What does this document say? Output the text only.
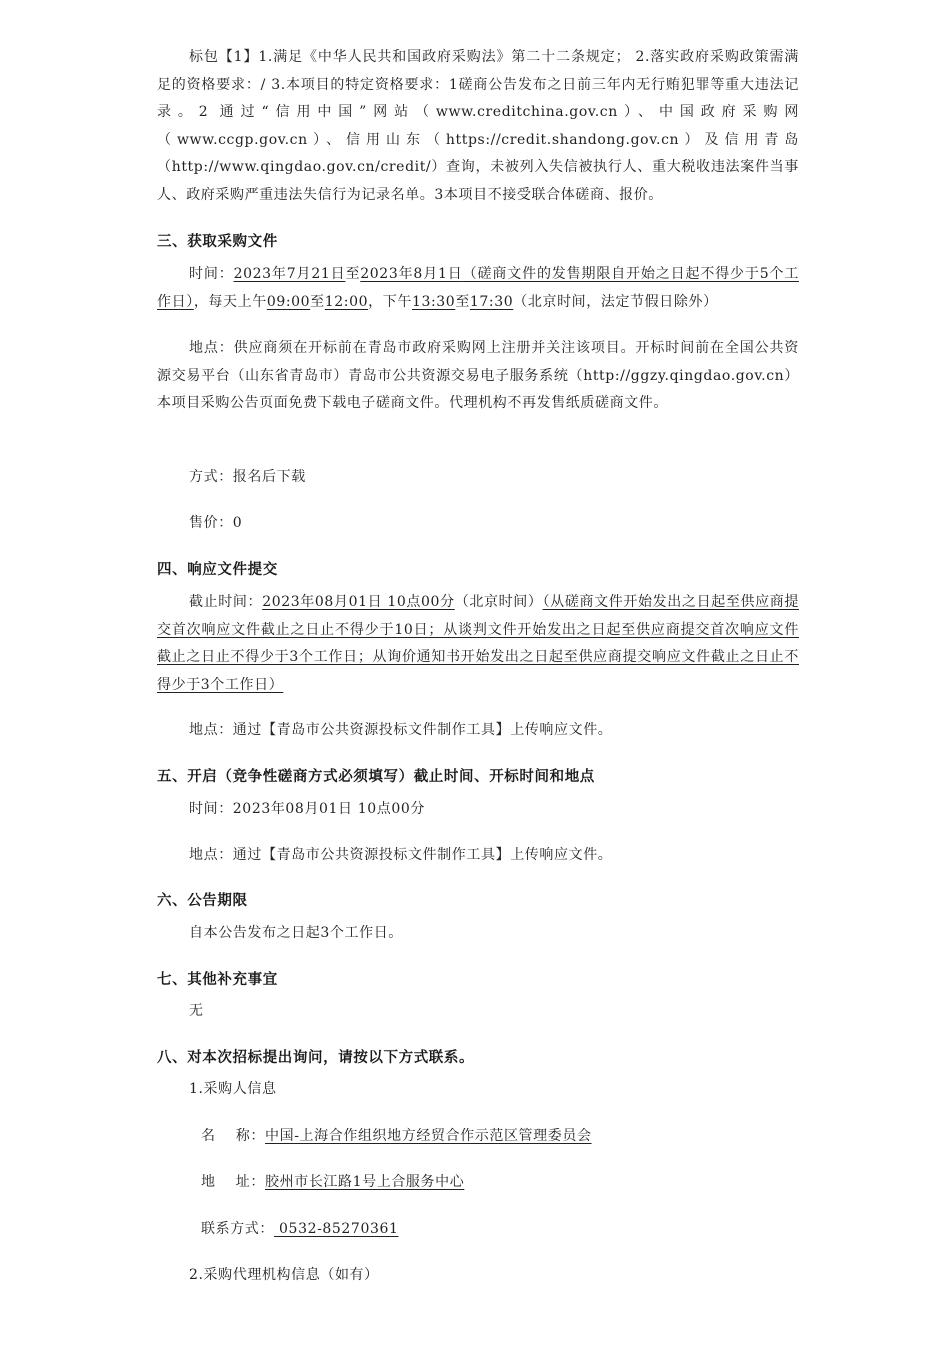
标包【1】1.满足《中华人民共和国政府采购法》第二十二条规定； 2.落实政府采购政策需满足的资格要求：/ 3.本项目的特定资格要求：1磋商公告发布之日前三年内无行贿犯罪等重大违法记录。2 通过“信用中国”网站（www.creditchina.gov.cn）、中国政府采购网（www.ccgp.gov.cn）、信用山东（https://credit.shandong.gov.cn）及信用青岛（http://www.qingdao.gov.cn/credit/）查询，未被列入失信被执行人、重大税收违法案件当事人、政府采购严重违法失信行为记录名单。3本项目不接受联合体磋商、报价。
三、获取采购文件
时间：2023年7月21日至2023年8月1日（磋商文件的发售期限自开始之日起不得少于5个工作日），每天上午09:00至12:00，下午13:30至17:30（北京时间，法定节假日除外）
地点：供应商须在开标前在青岛市政府采购网上注册并关注该项目。开标时间前在全国公共资源交易平台（山东省青岛市）青岛市公共资源交易电子服务系统（http://ggzy.qingdao.gov.cn）本项目采购公告页面免费下载电子磋商文件。代理机构不再发售纸质磋商文件。
方式：报名后下载
售价：0
四、响应文件提交
截止时间：2023年08月01日 10点00分（北京时间）（从磋商文件开始发出之日起至供应商提交首次响应文件截止之日止不得少于10日；从谈判文件开始发出之日起至供应商提交首次响应文件截止之日止不得少于3个工作日；从询价通知书开始发出之日起至供应商提交响应文件截止之日止不得少于3个工作日）
地点：通过【青岛市公共资源投标文件制作工具】上传响应文件。
五、开启（竞争性磋商方式必须填写）截止时间、开标时间和地点
时间：2023年08月01日 10点00分
地点：通过【青岛市公共资源投标文件制作工具】上传响应文件。
六、公告期限
自本公告发布之日起3个工作日。
七、其他补充事宜
无
八、对本次招标提出询问，请按以下方式联系。
1.采购人信息
名    称：中国-上海合作组织地方经贸合作示范区管理委员会
地    址：胶州市长江路1号上合服务中心
联系方式： 0532-85270361
2.采购代理机构信息（如有）
